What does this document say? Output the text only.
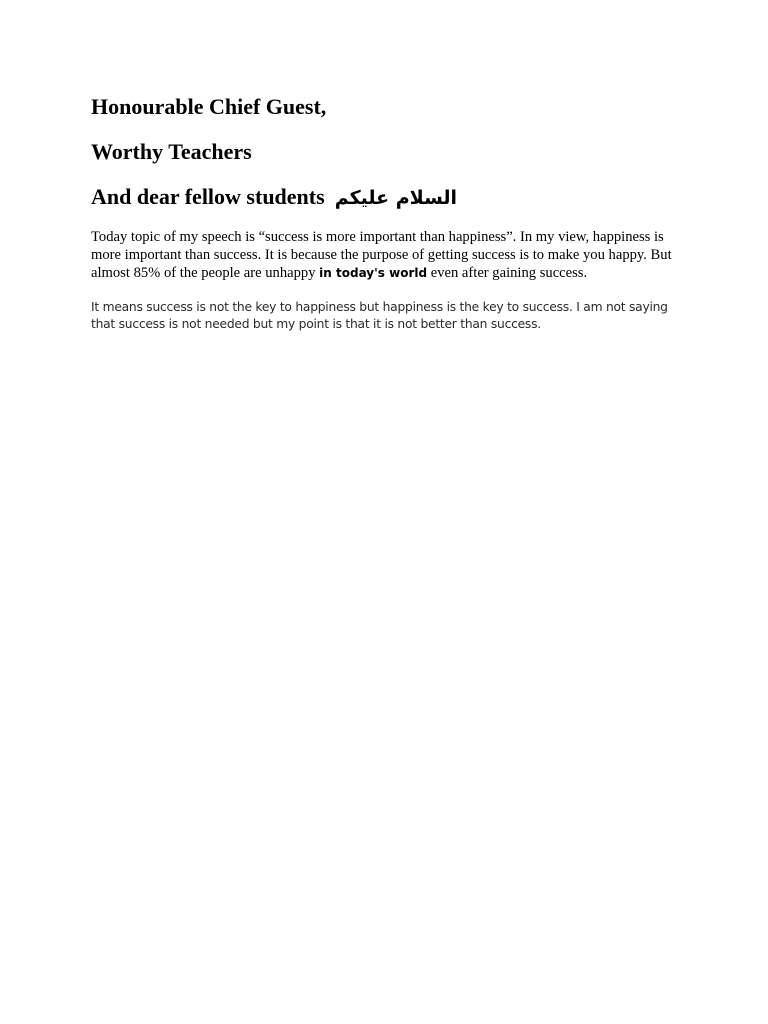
Honourable Chief Guest,
Worthy Teachers
And dear fellow students السلام عليكم

Today topic of my speech is “success is more important than happiness”. In my view, happiness is more important than success. It is because the purpose of getting success is to make you happy. But almost 85% of the people are unhappy in today's world even after gaining success.

It means success is not the key to happiness but happiness is the key to success. I am not saying that success is not needed but my point is that it is not better than success.
